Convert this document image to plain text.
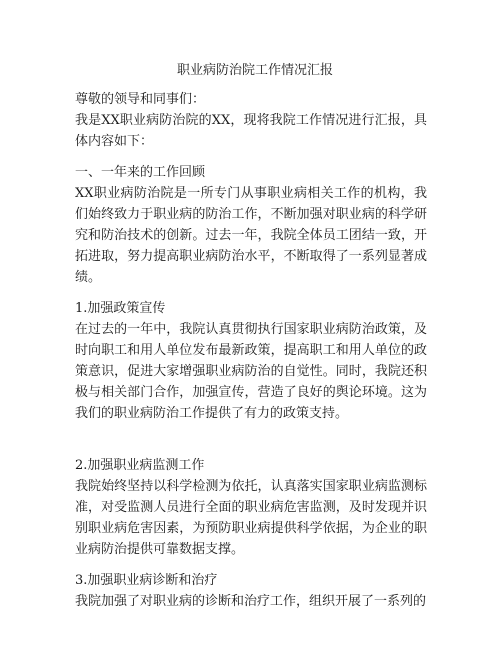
职业病防治院工作情况汇报

尊敬的领导和同事们：

我是XX职业病防治院的XX，现将我院工作情况进行汇报，具体内容如下：

一、一年来的工作回顾

XX职业病防治院是一所专门从事职业病相关工作的机构，我们始终致力于职业病的防治工作，不断加强对职业病的科学研究和防治技术的创新。过去一年，我院全体员工团结一致，开拓进取，努力提高职业病防治水平，不断取得了一系列显著成绩。

1.加强政策宣传

在过去的一年中，我院认真贯彻执行国家职业病防治政策，及时向职工和用人单位发布最新政策，提高职工和用人单位的政策意识，促进大家增强职业病防治的自觉性。同时，我院还积极与相关部门合作，加强宣传，营造了良好的舆论环境。这为我们的职业病防治工作提供了有力的政策支持。

2.加强职业病监测工作

我院始终坚持以科学检测为依托，认真落实国家职业病监测标准，对受监测人员进行全面的职业病危害监测，及时发现并识别职业病危害因素，为预防职业病提供科学依据，为企业的职业病防治提供可靠数据支撑。

3.加强职业病诊断和治疗

我院加强了对职业病的诊断和治疗工作，组织开展了一系列的
